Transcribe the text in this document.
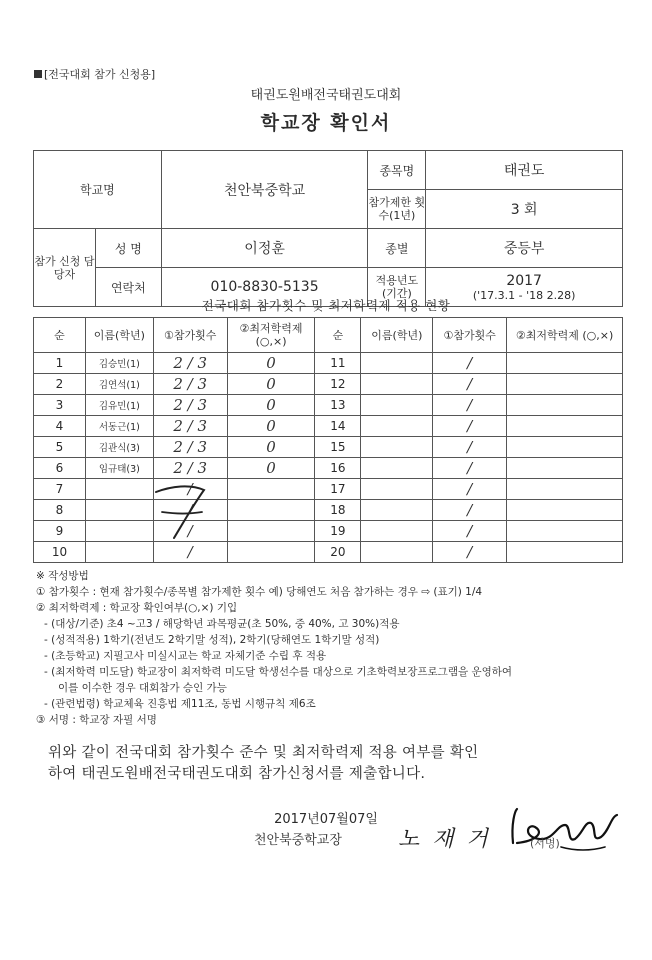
[전국대회 참가 신청용]
태권도원배전국태권도대회
학교장 확인서
학교명		천안북중학교	종목명	태권도
			참가제한 횟수(1년)	3 회
참가 신청 담당자	성 명	이정훈	종별	중등부
	연락처	010-8830-5135	적용년도 (기간)	2017
('17.3.1 - '18 2.28)
전국대회 참가횟수 및 최저학력제 적용 현황
순	이름(학년)	①참가횟수	②최저학력제 (○,×)	순	이름(학년)	①참가횟수	②최저학력제 (○,×)
1	김승민(1)	2 / 3	0	11		/	
2	김연석(1)	2 / 3	0	12		/	
3	김유민(1)	2 / 3	0	13		/	
4	서동근(1)	2 / 3	0	14		/	
5	김관식(3)	2 / 3	0	15		/	
6	임규태(3)	2 / 3	0	16		/	
7		/		17		/	
8		/		18		/	
9		/		19		/	
10		/		20		/	
※ 작성방법
① 참가횟수 : 현재 참가횟수/종목별 참가제한 횟수 예) 당해연도 처음 참가하는 경우 ⇨ (표기) 1/4
② 최저학력제 : 학교장 확인여부(○,×) 기입
- (대상/기준) 초4 ~고3 / 해당학년 과목평균(초 50%, 중 40%, 고 30%)적용
- (성적적용) 1학기(전년도 2학기말 성적), 2학기(당해연도 1학기말 성적)
- (초등학교) 지필고사 미실시교는 학교 자체기준 수립 후 적용
- (최저학력 미도달) 학교장이 최저학력 미도달 학생선수를 대상으로 기초학력보장프로그램을 운영하여
이를 이수한 경우 대회참가 승인 가능
- (관련법령) 학교체육 진흥법 제11조, 동법 시행규칙 제6조
③ 서명 : 학교장 자필 서명
위와 같이 전국대회 참가횟수 준수 및 최저학력제 적용 여부를 확인
하여 태권도원배전국태권도대회 참가신청서를 제출합니다.
2017년07월07일
천안북중학교장	노 재 거	(서명)
